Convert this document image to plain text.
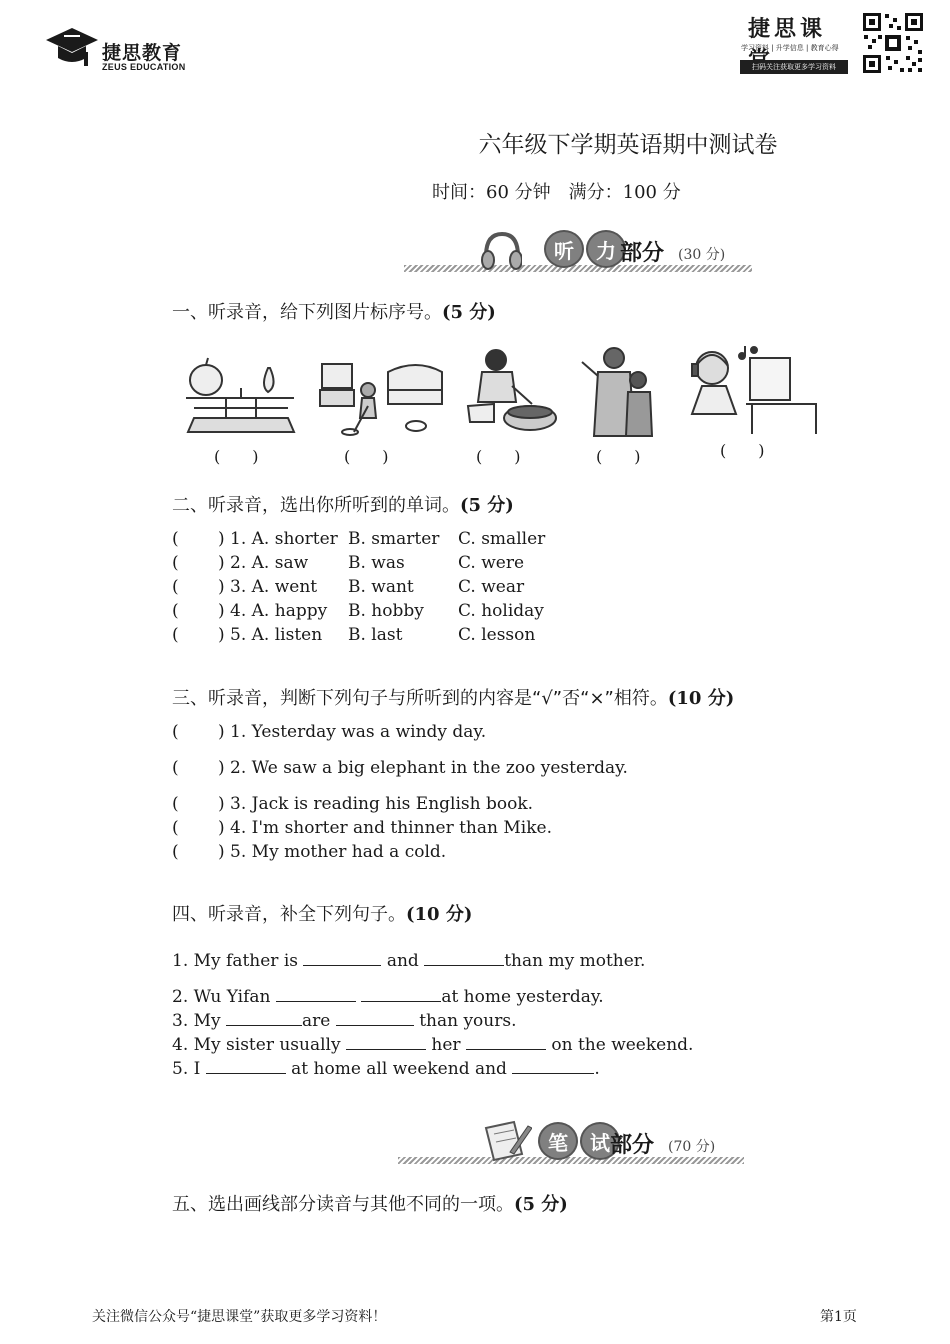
捷思教育
ZEUS EDUCATION
捷思课
学习资料 | 升学信息 | 教育心得
扫码关注获取更多学习资料
六年级下学期英语期中测试卷
时间：60 分钟　满分：100 分
听	力 部分 (30 分)
一、听录音，给下列图片标序号。(5 分)
(　　)	(　　)	(　　)	(　　)	(　　)
二、听录音，选出你所听到的单词。(5 分)
( ) 1. A. shorter B. smarter C. smaller
( ) 2. A. saw B. was	C. were
( ) 3. A. went B. want	C. wear
( ) 4. A. happy B. hobby C. holiday
( ) 5. A. listen B. last	C. lesson
三、听录音，判断下列句子与所听到的内容是“√”否“×”相符。(10 分)
( ) 1. Yesterday was a windy day.
( ) 2. We saw a big elephant in the zoo yesterday.
( ) 3. Jack is reading his English book.
( ) 4. I'm shorter and thinner than Mike.
( ) 5. My mother had a cold.
四、听录音，补全下列句子。(10 分)
1. My father is	and	than my mother.
2. Wu Yifan	at home yesterday.
3. My	are	than yours.
4. My sister usually	her	on the weekend.
5. I	at home all weekend and	.
笔	试 部分 (70 分)
五、选出画线部分读音与其他不同的一项。(5 分)
关注微信公众号“捷思课堂”获取更多学习资料！	第1页
